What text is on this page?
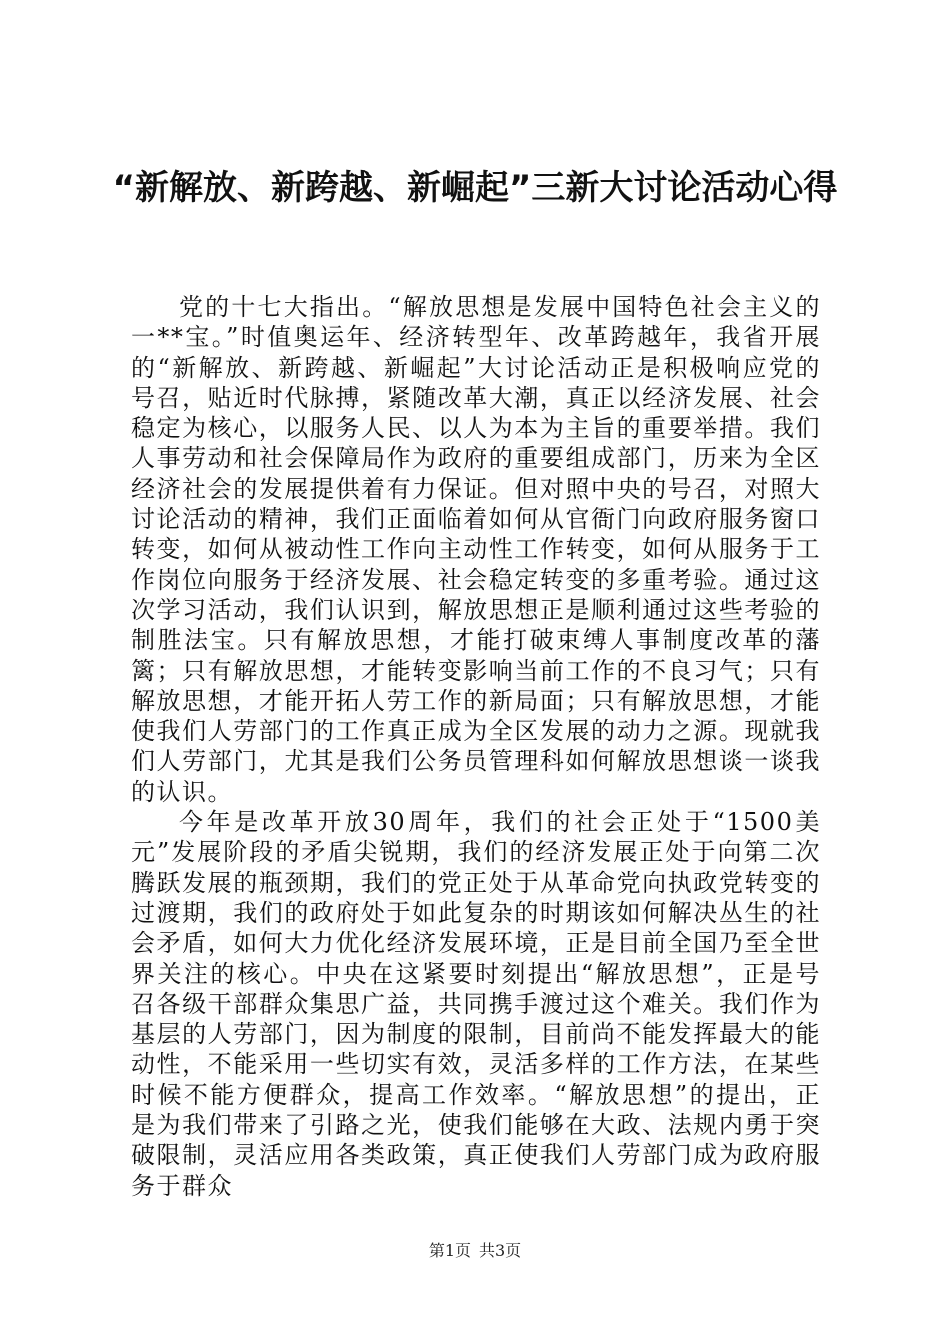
“新解放、新跨越、新崛起”三新大讨论活动心得

党的十七大指出。“解放思想是发展中国特色社会主义的一**宝。”时值奥运年、经济转型年、改革跨越年，我省开展的“新解放、新跨越、新崛起”大讨论活动正是积极响应党的号召，贴近时代脉搏，紧随改革大潮，真正以经济发展、社会稳定为核心，以服务人民、以人为本为主旨的重要举措。我们人事劳动和社会保障局作为政府的重要组成部门，历来为全区经济社会的发展提供着有力保证。但对照中央的号召，对照大讨论活动的精神，我们正面临着如何从官衙门向政府服务窗口转变，如何从被动性工作向主动性工作转变，如何从服务于工作岗位向服务于经济发展、社会稳定转变的多重考验。通过这次学习活动，我们认识到，解放思想正是顺利通过这些考验的制胜法宝。只有解放思想，才能打破束缚人事制度改革的藩篱；只有解放思想，才能转变影响当前工作的不良习气；只有解放思想，才能开拓人劳工作的新局面；只有解放思想，才能使我们人劳部门的工作真正成为全区发展的动力之源。现就我们人劳部门，尤其是我们公务员管理科如何解放思想谈一谈我的认识。

今年是改革开放30周年，我们的社会正处于“1500美元”发展阶段的矛盾尖锐期，我们的经济发展正处于向第二次腾跃发展的瓶颈期，我们的党正处于从革命党向执政党转变的过渡期，我们的政府处于如此复杂的时期该如何解决丛生的社会矛盾，如何大力优化经济发展环境，正是目前全国乃至全世界关注的核心。中央在这紧要时刻提出“解放思想”，正是号召各级干部群众集思广益，共同携手渡过这个难关。我们作为基层的人劳部门，因为制度的限制，目前尚不能发挥最大的能动性，不能采用一些切实有效，灵活多样的工作方法，在某些时候不能方便群众，提高工作效率。“解放思想”的提出，正是为我们带来了引路之光，使我们能够在大政、法规内勇于突破限制，灵活应用各类政策，真正使我们人劳部门成为政府服务于群众

第1页 共3页
